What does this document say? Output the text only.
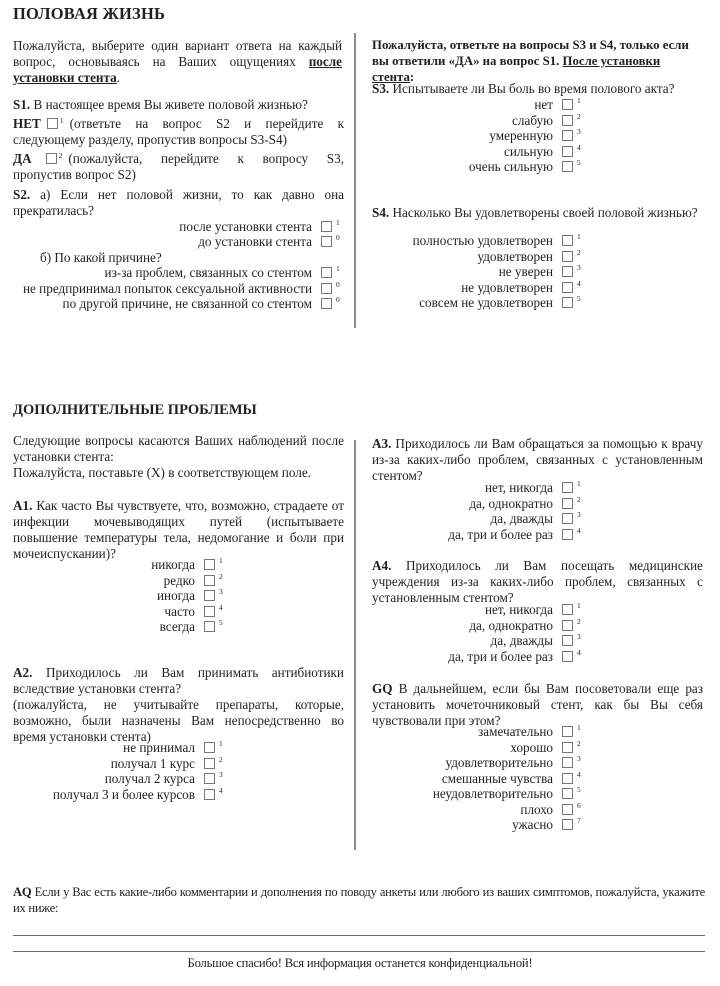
ПОЛОВАЯ ЖИЗНЬ
Пожалуйста, выберите один вариант ответа на каждый вопрос, основываясь на Ваших ощущениях после установки стента.
S1. В настоящее время Вы живете половой жизнью?
НЕТ	$^1$ (ответьте на вопрос S2 и перейдите к следующему разделу, пропустив вопросы S3-S4)
ДА	$^2$ (пожалуйста, перейдите к вопросу S3, пропустив вопрос S2)
S2. а) Если нет половой жизни, то как давно она прекратилась?
после установки стента	1
до установки стента	0
б) По какой причине?
из-за проблем, связанных со стентом	1
не предпринимал попыток сексуальной активности	0
по другой причине, не связанной со стентом	0
Пожалуйста, ответьте на вопросы S3 и S4, только если вы ответили «ДА» на вопрос S1. После установки стента:
S3. Испытываете ли Вы боль во время полового акта?
нет	1
слабую	2
умеренную	3
сильную	4
очень сильную	5
S4. Насколько Вы удовлетворены своей половой жизнью?
полностью удовлетворен	1
удовлетворен	2
не уверен	3
не удовлетворен	4
совсем не удовлетворен	5
ДОПОЛНИТЕЛЬНЫЕ ПРОБЛЕМЫ
Следующие вопросы касаются Ваших наблюдений после установки стента:
Пожалуйста, поставьте (Х) в соответствующем поле.
А1. Как часто Вы чувствуете, что, возможно, страдаете от инфекции мочевыводящих путей (испытываете повышение температуры тела, недомогание и боли при мочеиспускании)?
никогда	1
редко	2
иногда	3
часто	4
всегда	5
А2. Приходилось ли Вам принимать антибиотики вследствие установки стента?
(пожалуйста, не учитывайте препараты, которые, возможно, были назначены Вам непосредственно во время установки стента)
не принимал	1
получал 1 курс	2
получал 2 курса	3
получал 3 и более курсов	4
А3. Приходилось ли Вам обращаться за помощью к врачу из-за каких-либо проблем, связанных с установленным стентом?
нет, никогда	1
да, однократно	2
да, дважды	3
да, три и более раз	4
А4. Приходилось ли Вам посещать медицинские учреждения из-за каких-либо проблем, связанных с установленным стентом?
нет, никогда	1
да, однократно	2
да, дважды	3
да, три и более раз	4
GQ В дальнейшем, если бы Вам посоветовали еще раз установить мочеточниковый стент, как бы Вы себя чувствовали при этом?
замечательно	1
хорошо	2
удовлетворительно	3
смешанные чувства	4
неудовлетворительно	5
плохо	6
ужасно	7
AQ Если у Вас есть какие-либо комментарии и дополнения по поводу анкеты или любого из ваших симптомов, пожалуйста, укажите их ниже:
Большое спасибо! Вся информация останется конфиденциальной!
